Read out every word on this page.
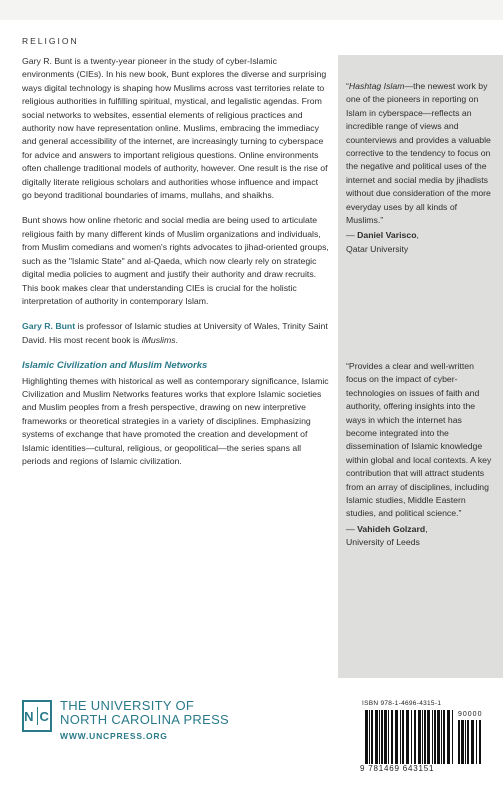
RELIGION

Gary R. Bunt is a twenty-year pioneer in the study of cyber-Islamic environments (CIEs). In his new book, Bunt explores the diverse and surprising ways digital technology is shaping how Muslims across vast territories relate to religious authorities in fulfilling spiritual, mystical, and legalistic agendas. From social networks to websites, essential elements of religious practices and authority now have representation online. Muslims, embracing the immediacy and general accessibility of the internet, are increasingly turning to cyberspace for advice and answers to important religious questions. Online environments often challenge traditional models of authority, however. One result is the rise of digitally literate religious scholars and authorities whose influence and impact go beyond traditional boundaries of imams, mullahs, and shaikhs.

Bunt shows how online rhetoric and social media are being used to articulate religious faith by many different kinds of Muslim organizations and individuals, from Muslim comedians and women's rights advocates to jihad-oriented groups, such as the "Islamic State" and al-Qaeda, which now clearly rely on strategic digital media policies to augment and justify their authority and draw recruits. This book makes clear that understanding CIEs is crucial for the holistic interpretation of authority in contemporary Islam.

Gary R. Bunt is professor of Islamic studies at University of Wales, Trinity Saint David. His most recent book is iMuslims.

Islamic Civilization and Muslim Networks

Highlighting themes with historical as well as contemporary significance, Islamic Civilization and Muslim Networks features works that explore Islamic societies and Muslim peoples from a fresh perspective, drawing on new interpretive frameworks or theoretical strategies in a variety of disciplines. Emphasizing systems of exchange that have promoted the creation and development of Islamic identities—cultural, religious, or geopolitical—the series spans all periods and regions of Islamic civilization.

“Hashtag Islam—the newest work by one of the pioneers in reporting on Islam in cyberspace—reflects an incredible range of views and counterviews and provides a valuable corrective to the tendency to focus on the negative and political uses of the internet and social media by jihadists without due consideration of the more everyday uses by all kinds of Muslims.”
— Daniel Varisco,
Qatar University
“Provides a clear and well-written focus on the impact of cyber-technologies on issues of faith and authority, offering insights into the ways in which the internet has become integrated into the dissemination of Islamic knowledge within global and local contexts. A key contribution that will attract students from an array of disciplines, including Islamic studies, Middle Eastern studies, and political science.”
— Vahideh Golzard,
University of Leeds
N C
THE UNIVERSITY OF
NORTH CAROLINA PRESS
WWW.UNCPRESS.ORG
ISBN 978-1-4696-4315-1
90000
9 781469 643151
